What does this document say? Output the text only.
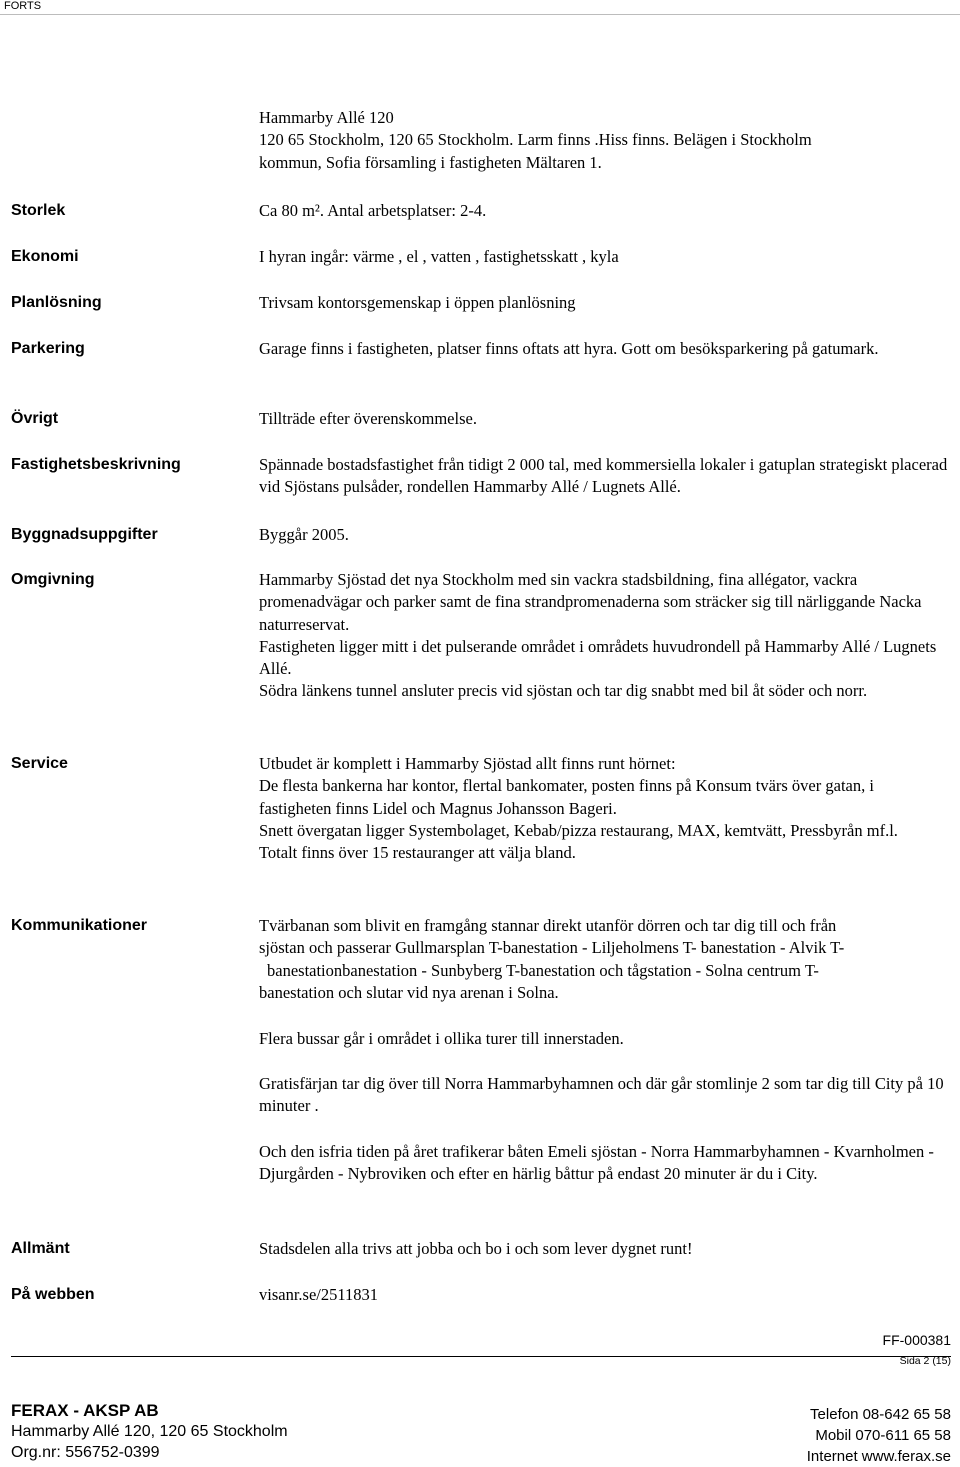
FORTS

Hammarby Allé 120

120 65 Stockholm, 120 65 Stockholm. Larm finns .Hiss finns. Belägen i Stockholm

kommun, Sofia församling i fastigheten Mältaren 1.

Storlek	Ca 80 m². Antal arbetsplatser: 2-4.
Ekonomi	I hyran ingår: värme , el , vatten , fastighetsskatt , kyla
Planlösning	Trivsam kontorsgemenskap i öppen planlösning
Parkering	Garage finns i fastigheten, platser finns oftats att hyra. Gott om besöksparkering på gatumark.
Övrigt	Tillträde efter överenskommelse.
Fastighetsbeskrivning	Spännade bostadsfastighet från tidigt 2 000 tal, med kommersiella lokaler i gatuplan strategiskt placerad vid Sjöstans pulsåder, rondellen Hammarby Allé / Lugnets Allé.
Byggnadsuppgifter	Byggår 2005.
Omgivning	Hammarby Sjöstad det nya Stockholm med sin vackra stadsbildning, fina allégator, vackra promenadvägar och parker samt de fina strandpromenaderna som sträcker sig till närliggande Nacka naturreservat.

Fastigheten ligger mitt i det pulserande området i områdets huvudrondell på Hammarby Allé / Lugnets Allé.

Södra länkens tunnel ansluter precis vid sjöstan och tar dig snabbt med bil åt söder och norr.

Service	Utbudet är komplett i Hammarby Sjöstad allt finns runt hörnet:

De flesta bankerna har kontor, flertal bankomater, posten finns på Konsum tvärs över gatan, i fastigheten finns Lidel och Magnus Johansson Bageri.

Snett övergatan ligger Systembolaget, Kebab/pizza restaurang, MAX, kemtvätt, Pressbyrån mf.l.

Totalt finns över 15 restauranger att välja bland.

Kommunikationer	Tvärbanan som blivit en framgång stannar direkt utanför dörren och tar dig till och från

sjöstan och passerar Gullmarsplan T-banestation - Liljeholmens T- banestation - Alvik T-

banestationbanestation - Sunbyberg T-banestation och tågstation - Solna centrum T-

banestation och slutar vid nya arenan i Solna.

Flera bussar går i området i ollika turer till innerstaden.
Gratisfärjan tar dig över till Norra Hammarbyhamnen och där går stomlinje 2 som tar dig till City på 10 minuter .
Och den isfria tiden på året trafikerar båten Emeli sjöstan - Norra Hammarbyhamnen - Kvarnholmen - Djurgården - Nybroviken och efter en härlig båttur på endast 20 minuter är du i City.
Allmänt	Stadsdelen alla trivs att jobba och bo i och som lever dygnet runt!
På webben	visanr.se/2511831
FF-000381
Sida 2 (15)
FERAX - AKSP AB
Hammarby Allé 120, 120 65 Stockholm
Org.nr: 556752-0399
Telefon 08-642 65 58
Mobil 070-611 65 58
Internet www.ferax.se
